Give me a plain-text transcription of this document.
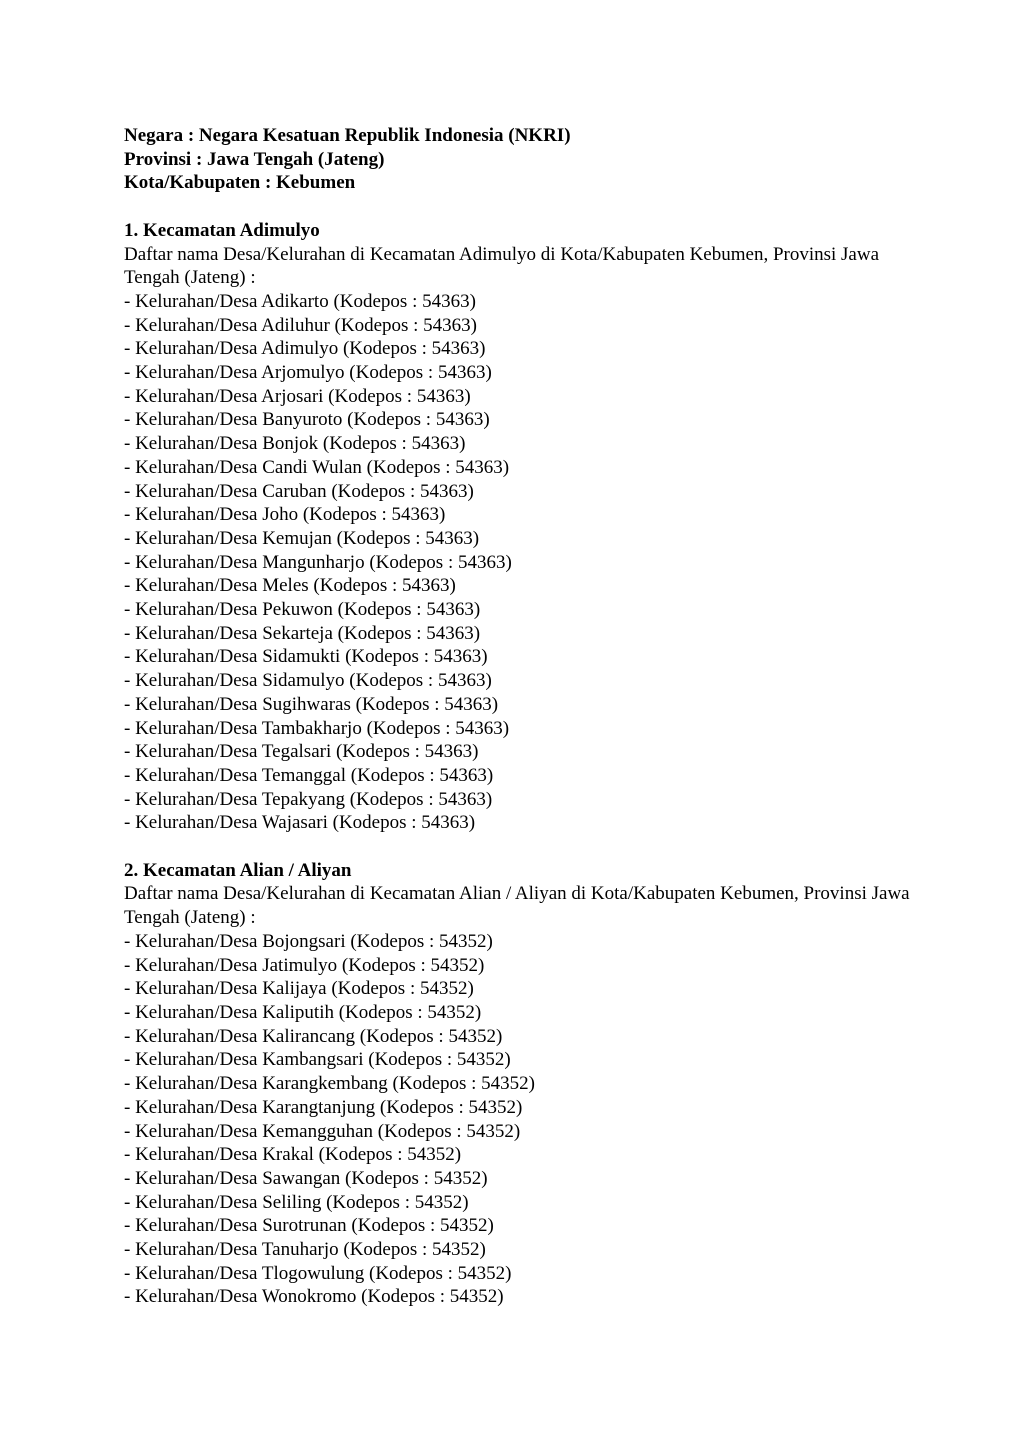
Negara : Negara Kesatuan Republik Indonesia (NKRI)
Provinsi : Jawa Tengah (Jateng)
Kota/Kabupaten : Kebumen
1. Kecamatan Adimulyo
Daftar nama Desa/Kelurahan di Kecamatan Adimulyo di Kota/Kabupaten Kebumen, Provinsi Jawa Tengah (Jateng) :
- Kelurahan/Desa Adikarto (Kodepos : 54363)
- Kelurahan/Desa Adiluhur (Kodepos : 54363)
- Kelurahan/Desa Adimulyo (Kodepos : 54363)
- Kelurahan/Desa Arjomulyo (Kodepos : 54363)
- Kelurahan/Desa Arjosari (Kodepos : 54363)
- Kelurahan/Desa Banyuroto (Kodepos : 54363)
- Kelurahan/Desa Bonjok (Kodepos : 54363)
- Kelurahan/Desa Candi Wulan (Kodepos : 54363)
- Kelurahan/Desa Caruban (Kodepos : 54363)
- Kelurahan/Desa Joho (Kodepos : 54363)
- Kelurahan/Desa Kemujan (Kodepos : 54363)
- Kelurahan/Desa Mangunharjo (Kodepos : 54363)
- Kelurahan/Desa Meles (Kodepos : 54363)
- Kelurahan/Desa Pekuwon (Kodepos : 54363)
- Kelurahan/Desa Sekarteja (Kodepos : 54363)
- Kelurahan/Desa Sidamukti (Kodepos : 54363)
- Kelurahan/Desa Sidamulyo (Kodepos : 54363)
- Kelurahan/Desa Sugihwaras (Kodepos : 54363)
- Kelurahan/Desa Tambakharjo (Kodepos : 54363)
- Kelurahan/Desa Tegalsari (Kodepos : 54363)
- Kelurahan/Desa Temanggal (Kodepos : 54363)
- Kelurahan/Desa Tepakyang (Kodepos : 54363)
- Kelurahan/Desa Wajasari (Kodepos : 54363)
2. Kecamatan Alian / Aliyan
Daftar nama Desa/Kelurahan di Kecamatan Alian / Aliyan di Kota/Kabupaten Kebumen, Provinsi Jawa Tengah (Jateng) :
- Kelurahan/Desa Bojongsari (Kodepos : 54352)
- Kelurahan/Desa Jatimulyo (Kodepos : 54352)
- Kelurahan/Desa Kalijaya (Kodepos : 54352)
- Kelurahan/Desa Kaliputih (Kodepos : 54352)
- Kelurahan/Desa Kalirancang (Kodepos : 54352)
- Kelurahan/Desa Kambangsari (Kodepos : 54352)
- Kelurahan/Desa Karangkembang (Kodepos : 54352)
- Kelurahan/Desa Karangtanjung (Kodepos : 54352)
- Kelurahan/Desa Kemangguhan (Kodepos : 54352)
- Kelurahan/Desa Krakal (Kodepos : 54352)
- Kelurahan/Desa Sawangan (Kodepos : 54352)
- Kelurahan/Desa Seliling (Kodepos : 54352)
- Kelurahan/Desa Surotrunan (Kodepos : 54352)
- Kelurahan/Desa Tanuharjo (Kodepos : 54352)
- Kelurahan/Desa Tlogowulung (Kodepos : 54352)
- Kelurahan/Desa Wonokromo (Kodepos : 54352)
